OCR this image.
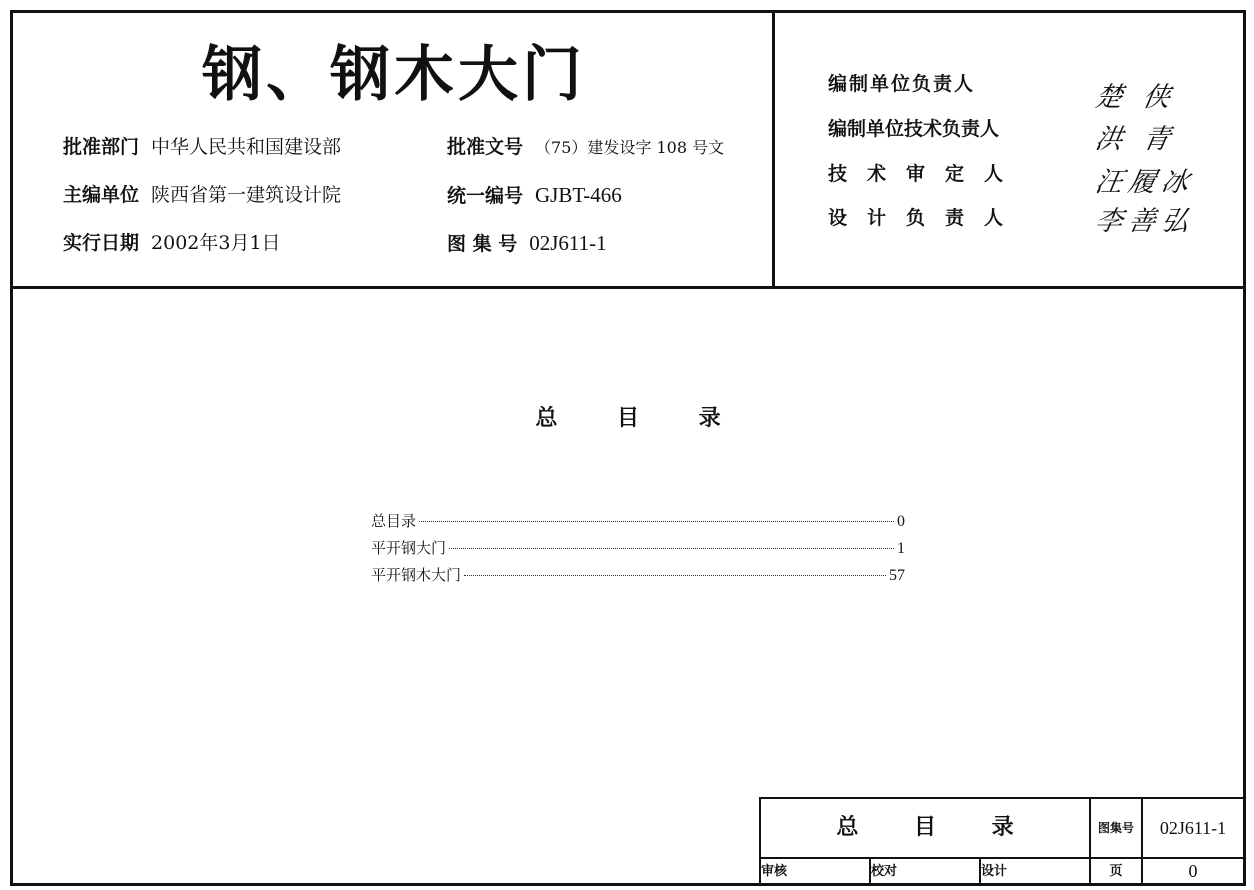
钢、钢木大门
批准部门 中华人民共和国建设部	批准文号 （75）建发设字 108 号文
主编单位 陕西省第一建筑设计院	统一编号 GJBT-466
实行日期 2002年3月1日	图 集 号 02J611-1
编制单位负责人	楚 侠
编制单位技术负责人	洪 青
技术审定人	汪履冰
设计负责人	李善弘
总 目 录
总目录	0
平开钢大门	1
平开钢木大门	57
总 目 录	图集号	02J611-1
审核	校对	设计	页	0
